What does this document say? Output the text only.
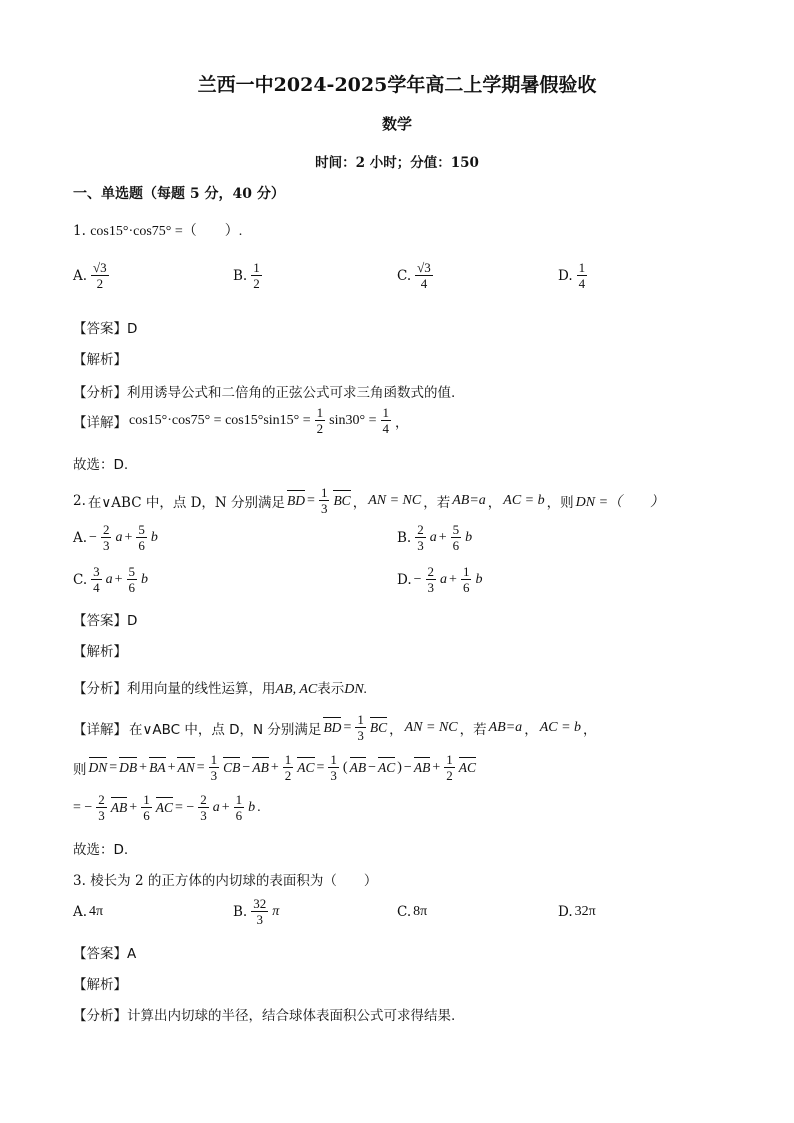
兰西一中2024-2025学年高二上学期暑假验收
数学
时间：2 小时；分值：150
一、单选题（每题 5 分，40 分）
1. cos15°·cos75° =（　　）.
A. $\frac{√3}{2}$	B. $\frac{1}{2}$	C. $\frac{√3}{4}$	D. $\frac{1}{4}$
【答案】D
【解析】
【分析】利用诱导公式和二倍角的正弦公式可求三角函数式的值.
【详解】 $\cos 15^\circ\cdot\cos 75^\circ = \cos 15^\circ\sin 15^\circ = \frac{1}{2} \sin 30^\circ = \frac{1}{4}$ ，
故选：D.
2. 在∨ABC 中，点 D，N 分别满足 BD = $\frac{1}{3}$ BC ， AN = NC ，若 AB=a ， AC = b ，则 DN =（　　）
A. − $\frac{2}{3}$ $a + \frac{5}{6}$ b	B. $\frac{2}{3}$ $a + \frac{5}{6}$ b
C. $\frac{3}{4}$ $a + \frac{5}{6}$ b	D. − $\frac{2}{3}$ $a + \frac{1}{6}$ b
【答案】D
【解析】
【分析】利用向量的线性运算，用AB, AC表示DN.
【详解】 在∨ABC 中，点 D，N 分别满足 BD = $\frac{1}{3}$ BC ， AN = NC ，若 AB=a ， AC = b ，
则 DN = DB + BA + AN = $\frac{1}{3}$ CB − AB + $\frac{1}{2}$ AC = $\frac{1}{3}$ ( AB − AC ) − AB + $\frac{1}{2}$ AC
= − $\frac{2}{3}$ AB + $\frac{1}{6}$ AC = − $\frac{2}{3}$ $a + \frac{1}{6}$ b .
故选：D.
3. 棱长为 2 的正方体的内切球的表面积为（　　）
A. 4π	B. $\frac{32}{3}$ π	C. 8π	D. 32π
【答案】A
【解析】
【分析】计算出内切球的半径，结合球体表面积公式可求得结果.
